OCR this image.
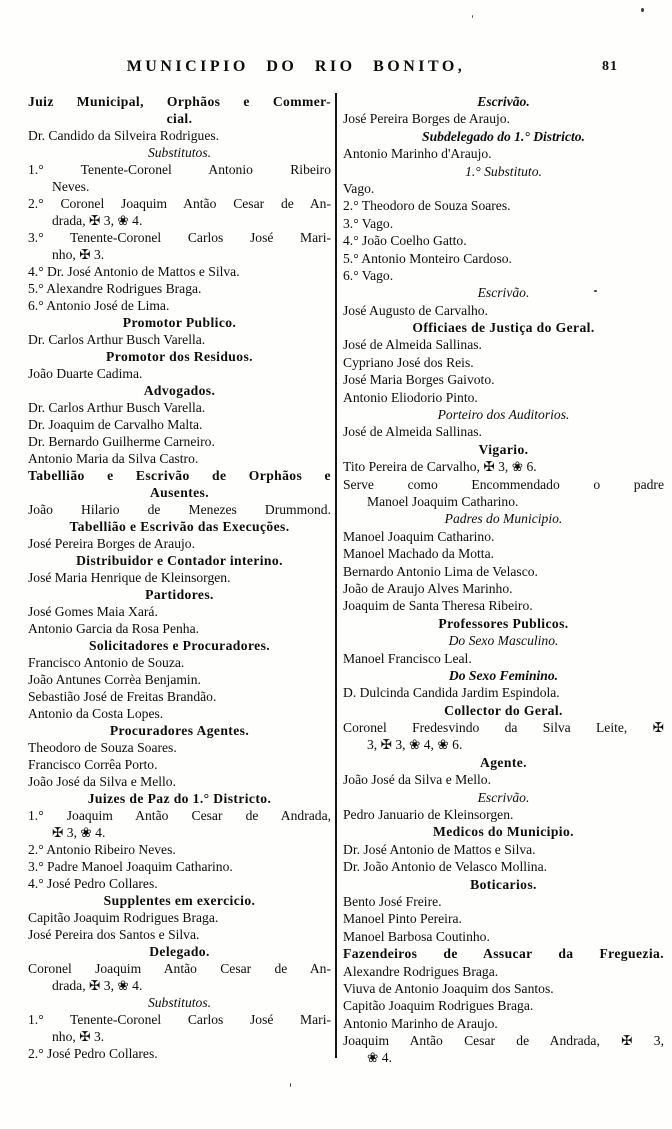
MUNICIPIO DO RIO BONITO,	81
Juiz Municipal, Orphãos e Commer-
cial.
Dr. Candido da Silveira Rodrigues.
Substitutos.
1.° Tenente-Coronel Antonio Ribeiro
Neves.
2.° Coronel Joaquim Antão Cesar de An-
drada, ✠ 3, ❀ 4.
3.° Tenente-Coronel Carlos José Mari-
nho, ✠ 3.
4.° Dr. José Antonio de Mattos e Silva.
5.° Alexandre Rodrigues Braga.
6.° Antonio José de Lima.
Promotor Publico.
Dr. Carlos Arthur Busch Varella.
Promotor dos Residuos.
João Duarte Cadima.
Advogados.
Dr. Carlos Arthur Busch Varella.
Dr. Joaquim de Carvalho Malta.
Dr. Bernardo Guilherme Carneiro.
Antonio Maria da Silva Castro.
Tabellião e Escrivão de Orphãos e
Ausentes.
João Hilario de Menezes Drummond.
Tabellião e Escrivão das Execuções.
José Pereira Borges de Araujo.
Distribuidor e Contador interino.
José Maria Henrique de Kleinsorgen.
Partidores.
José Gomes Maia Xará.
Antonio Garcia da Rosa Penha.
Solicitadores e Procuradores.
Francisco Antonio de Souza.
João Antunes Corrèa Benjamin.
Sebastião José de Freitas Brandão.
Antonio da Costa Lopes.
Procuradores Agentes.
Theodoro de Souza Soares.
Francisco Corrêa Porto.
João José da Silva e Mello.
Juizes de Paz do 1.° Districto.
1.° Joaquim Antão Cesar de Andrada,
✠ 3, ❀ 4.
2.° Antonio Ribeiro Neves.
3.° Padre Manoel Joaquim Catharino.
4.° José Pedro Collares.
Supplentes em exercicio.
Capitão Joaquim Rodrigues Braga.
José Pereira dos Santos e Silva.
Delegado.
Coronel Joaquim Antão Cesar de An-
drada, ✠ 3, ❀ 4.
Substitutos.
1.° Tenente-Coronel Carlos José Mari-
nho, ✠ 3.
2.° José Pedro Collares.
Escrivão.
José Pereira Borges de Araujo.
Subdelegado do 1.° Districto.
Antonio Marinho d'Araujo.
1.° Substituto.
Vago.
2.° Theodoro de Souza Soares.
3.° Vago.
4.° João Coelho Gatto.
5.° Antonio Monteiro Cardoso.
6.° Vago.
Escrivão.
José Augusto de Carvalho.
Officiaes de Justiça do Geral.
José de Almeida Sallinas.
Cypriano José dos Reis.
José Maria Borges Gaivoto.
Antonio Eliodorio Pinto.
Porteiro dos Auditorios.
José de Almeida Sallinas.
Vigario.
Tito Pereira de Carvalho, ✠ 3, ❀ 6.
Serve como Encommendado o padre
Manoel Joaquim Catharino.
Padres do Municipio.
Manoel Joaquim Catharino.
Manoel Machado da Motta.
Bernardo Antonio Lima de Velasco.
João de Araujo Alves Marinho.
Joaquim de Santa Theresa Ribeiro.
Professores Publicos.
Do Sexo Masculino.
Manoel Francisco Leal.
Do Sexo Feminino.
D. Dulcinda Candida Jardim Espindola.
Collector do Geral.
Coronel Fredesvindo da Silva Leite, ✠
3, ✠ 3, ❀ 4, ❀ 6.
Agente.
João José da Silva e Mello.
Escrivão.
Pedro Januario de Kleinsorgen.
Medicos do Municipio.
Dr. José Antonio de Mattos e Silva.
Dr. João Antonio de Velasco Mollina.
Boticarios.
Bento José Freire.
Manoel Pinto Pereira.
Manoel Barbosa Coutinho.
Fazendeiros de Assucar da Freguezia.
Alexandre Rodrigues Braga.
Viuva de Antonio Joaquim dos Santos.
Capitão Joaquim Rodrigues Braga.
Antonio Marinho de Araujo.
Joaquim Antão Cesar de Andrada, ✠ 3,
❀ 4.
